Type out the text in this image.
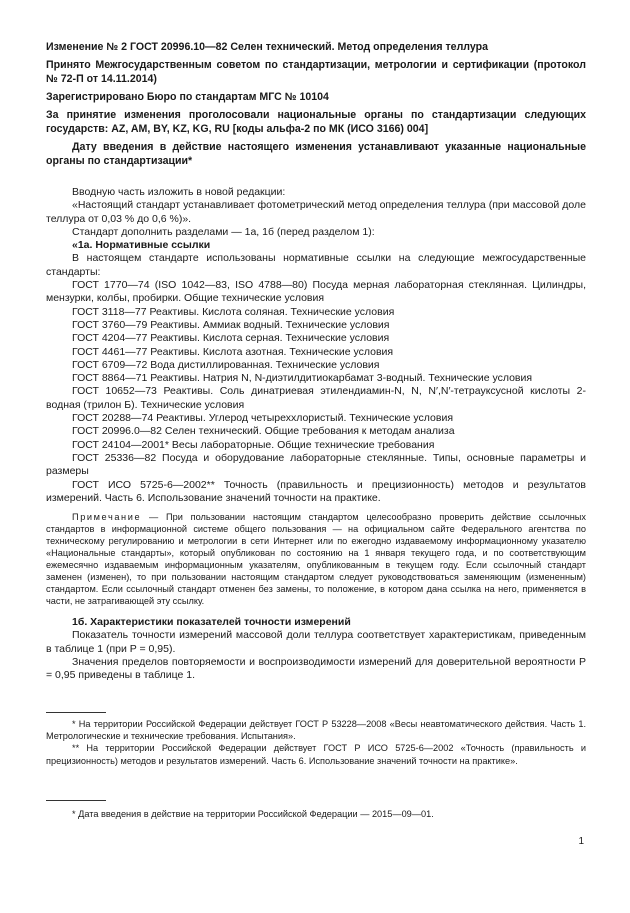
Изменение № 2 ГОСТ 20996.10—82 Селен технический. Метод определения теллура
Принято Межгосударственным советом по стандартизации, метрологии и сертификации (протокол № 72-П от 14.11.2014)
Зарегистрировано Бюро по стандартам МГС № 10104
За принятие изменения проголосовали национальные органы по стандартизации следующих государств: AZ, AM, BY, KZ, KG, RU [коды альфа-2 по МК (ИСО 3166) 004]
Дату введения в действие настоящего изменения устанавливают указанные национальные органы по стандартизации*

Вводную часть изложить в новой редакции:

«Настоящий стандарт устанавливает фотометрический метод определения теллура (при массовой доле теллура от 0,03 % до 0,6 %)».

Стандарт дополнить разделами — 1а, 1б (перед разделом 1):

«1а. Нормативные ссылки

В настоящем стандарте использованы нормативные ссылки на следующие межгосударственные стандарты:

ГОСТ 1770—74 (ISO 1042—83, ISO 4788—80) Посуда мерная лабораторная стеклянная. Цилиндры, мензурки, колбы, пробирки. Общие технические условия

ГОСТ 3118—77 Реактивы. Кислота соляная. Технические условия

ГОСТ 3760—79 Реактивы. Аммиак водный. Технические условия

ГОСТ 4204—77 Реактивы. Кислота серная. Технические условия

ГОСТ 4461—77 Реактивы. Кислота азотная. Технические условия

ГОСТ 6709—72 Вода дистиллированная. Технические условия

ГОСТ 8864—71 Реактивы. Натрия N, N-диэтилдитиокарбамат 3-водный. Технические условия

ГОСТ 10652—73 Реактивы. Соль динатриевая этилендиамин-N, N, N′,N′-тетрауксусной кислоты 2-водная (трилон Б). Технические условия

ГОСТ 20288—74 Реактивы. Углерод четыреххлористый. Технические условия

ГОСТ 20996.0—82 Селен технический. Общие требования к методам анализа

ГОСТ 24104—2001* Весы лабораторные. Общие технические требования

ГОСТ 25336—82 Посуда и оборудование лабораторные стеклянные. Типы, основные параметры и размеры

ГОСТ ИСО 5725-6—2002** Точность (правильность и прецизионность) методов и результатов измерений. Часть 6. Использование значений точности на практике.

Примечание — При пользовании настоящим стандартом целесообразно проверить действие ссылочных стандартов в информационной системе общего пользования — на официальном сайте Федерального агентства по техническому регулированию и метрологии в сети Интернет или по ежегодно издаваемому информационному указателю «Национальные стандарты», который опубликован по состоянию на 1 января текущего года, и по соответствующим ежемесячно издаваемым информационным указателям, опубликованным в текущем году. Если ссылочный стандарт заменен (изменен), то при пользовании настоящим стандартом следует руководствоваться заменяющим (измененным) стандартом. Если ссылочный стандарт отменен без замены, то положение, в котором дана ссылка на него, применяется в части, не затрагивающей эту ссылку.

1б. Характеристики показателей точности измерений

Показатель точности измерений массовой доли теллура соответствует характеристикам, приведенным в таблице 1 (при P = 0,95).

Значения пределов повторяемости и воспроизводимости измерений для доверительной вероятности P = 0,95 приведены в таблице 1.

* На территории Российской Федерации действует ГОСТ Р 53228—2008 «Весы неавтоматического действия. Часть 1. Метрологические и технические требования. Испытания».

** На территории Российской Федерации действует ГОСТ Р ИСО 5725-6—2002 «Точность (правильность и прецизионность) методов и результатов измерений. Часть 6. Использование значений точности на практике».

* Дата введения в действие на территории Российской Федерации — 2015—09—01.

1
